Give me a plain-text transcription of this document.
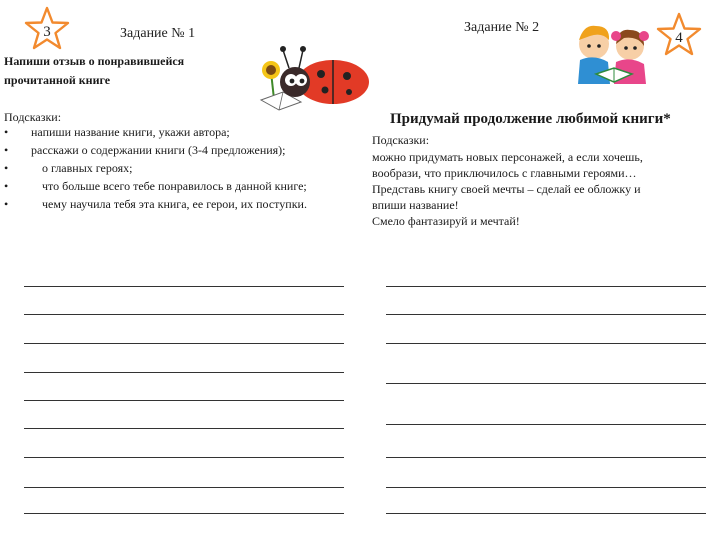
3	Задание № 1
Напиши отзыв о понравившейся
прочитанной книге
Подсказки:
• напиши название книги, укажи автора;
• расскажи о содержании книги (3-4 предложения);
• о главных героях;
• что больше всего тебе понравилось в данной книге;
• чему научила тебя эта книга, ее герои, их поступки.
Задание № 2
4
Придумай продолжение любимой книги*
Подсказки:
можно придумать новых персонажей, а если хочешь,
вообрази, что приключилось с главными героями…
Представь книгу своей мечты – сделай ее обложку и
впиши название!
Смело фантазируй и мечтай!
